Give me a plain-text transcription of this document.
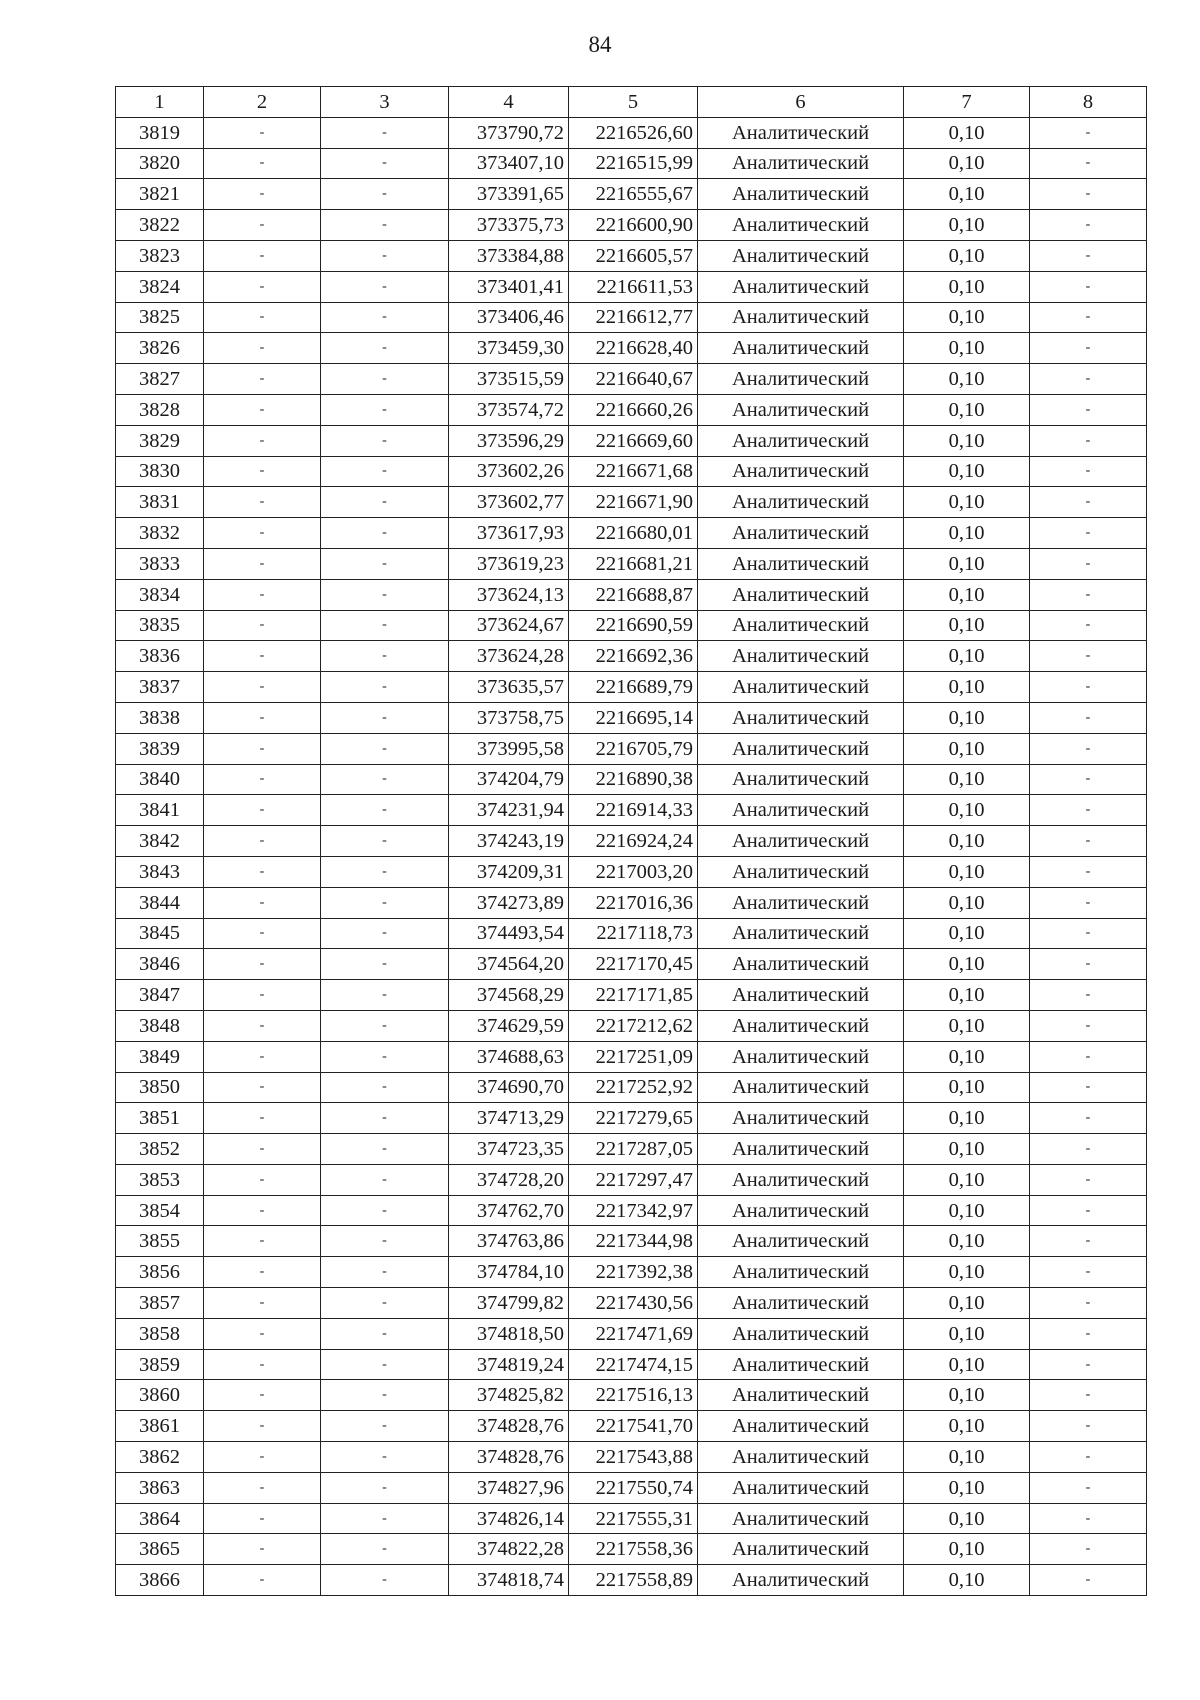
84
1	2	3	4	5	6	7	8
3819	-	-	373790,72	2216526,60	Аналитический	0,10	-
3820	-	-	373407,10	2216515,99	Аналитический	0,10	-
3821	-	-	373391,65	2216555,67	Аналитический	0,10	-
3822	-	-	373375,73	2216600,90	Аналитический	0,10	-
3823	-	-	373384,88	2216605,57	Аналитический	0,10	-
3824	-	-	373401,41	2216611,53	Аналитический	0,10	-
3825	-	-	373406,46	2216612,77	Аналитический	0,10	-
3826	-	-	373459,30	2216628,40	Аналитический	0,10	-
3827	-	-	373515,59	2216640,67	Аналитический	0,10	-
3828	-	-	373574,72	2216660,26	Аналитический	0,10	-
3829	-	-	373596,29	2216669,60	Аналитический	0,10	-
3830	-	-	373602,26	2216671,68	Аналитический	0,10	-
3831	-	-	373602,77	2216671,90	Аналитический	0,10	-
3832	-	-	373617,93	2216680,01	Аналитический	0,10	-
3833	-	-	373619,23	2216681,21	Аналитический	0,10	-
3834	-	-	373624,13	2216688,87	Аналитический	0,10	-
3835	-	-	373624,67	2216690,59	Аналитический	0,10	-
3836	-	-	373624,28	2216692,36	Аналитический	0,10	-
3837	-	-	373635,57	2216689,79	Аналитический	0,10	-
3838	-	-	373758,75	2216695,14	Аналитический	0,10	-
3839	-	-	373995,58	2216705,79	Аналитический	0,10	-
3840	-	-	374204,79	2216890,38	Аналитический	0,10	-
3841	-	-	374231,94	2216914,33	Аналитический	0,10	-
3842	-	-	374243,19	2216924,24	Аналитический	0,10	-
3843	-	-	374209,31	2217003,20	Аналитический	0,10	-
3844	-	-	374273,89	2217016,36	Аналитический	0,10	-
3845	-	-	374493,54	2217118,73	Аналитический	0,10	-
3846	-	-	374564,20	2217170,45	Аналитический	0,10	-
3847	-	-	374568,29	2217171,85	Аналитический	0,10	-
3848	-	-	374629,59	2217212,62	Аналитический	0,10	-
3849	-	-	374688,63	2217251,09	Аналитический	0,10	-
3850	-	-	374690,70	2217252,92	Аналитический	0,10	-
3851	-	-	374713,29	2217279,65	Аналитический	0,10	-
3852	-	-	374723,35	2217287,05	Аналитический	0,10	-
3853	-	-	374728,20	2217297,47	Аналитический	0,10	-
3854	-	-	374762,70	2217342,97	Аналитический	0,10	-
3855	-	-	374763,86	2217344,98	Аналитический	0,10	-
3856	-	-	374784,10	2217392,38	Аналитический	0,10	-
3857	-	-	374799,82	2217430,56	Аналитический	0,10	-
3858	-	-	374818,50	2217471,69	Аналитический	0,10	-
3859	-	-	374819,24	2217474,15	Аналитический	0,10	-
3860	-	-	374825,82	2217516,13	Аналитический	0,10	-
3861	-	-	374828,76	2217541,70	Аналитический	0,10	-
3862	-	-	374828,76	2217543,88	Аналитический	0,10	-
3863	-	-	374827,96	2217550,74	Аналитический	0,10	-
3864	-	-	374826,14	2217555,31	Аналитический	0,10	-
3865	-	-	374822,28	2217558,36	Аналитический	0,10	-
3866	-	-	374818,74	2217558,89	Аналитический	0,10	-
